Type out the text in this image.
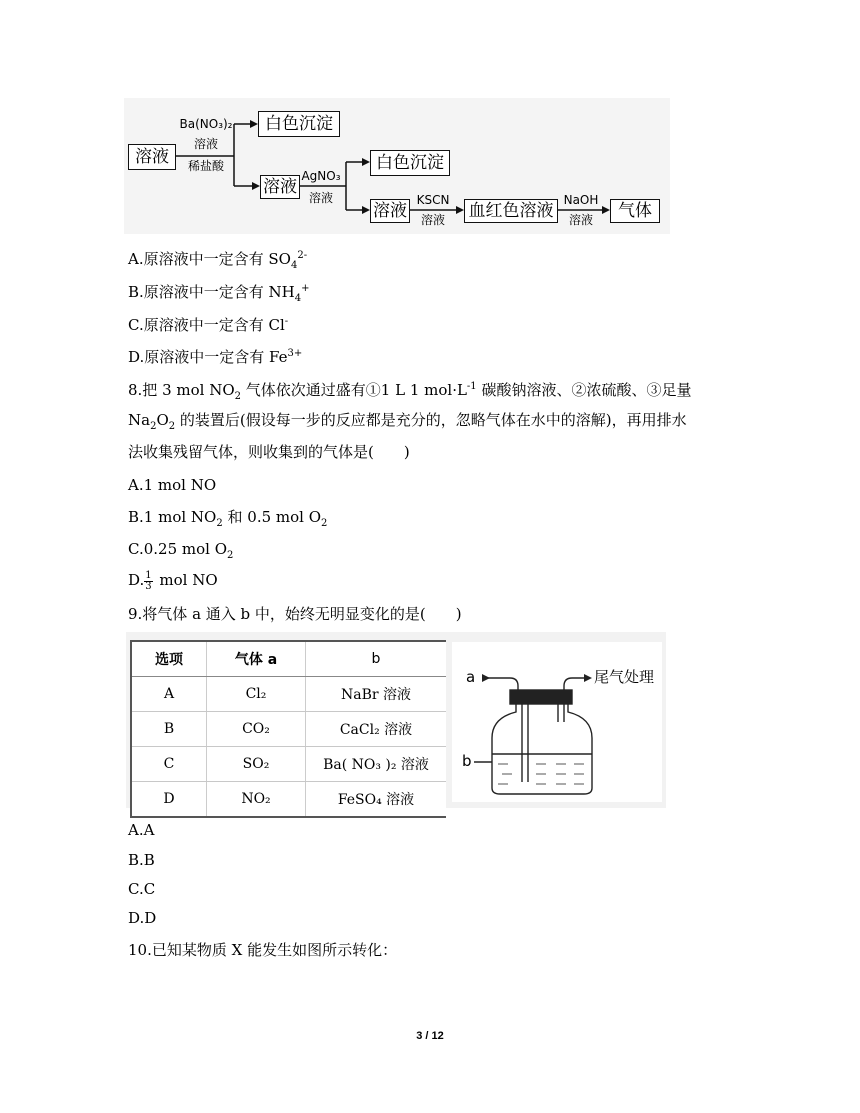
溶液
Ba(NO₃)₂
溶液
稀盐酸
白色沉淀
溶液
AgNO₃
溶液
白色沉淀
溶液
KSCN
溶液	血红色溶液
NaOH
溶液	气体
A.原溶液中一定含有 $SO_4^{2-}$
B.原溶液中一定含有 $NH_4^+$
C.原溶液中一定含有 Cl-
D.原溶液中一定含有 $Fe^{3+}$
8.把 3 mol $NO_2$ 气体依次通过盛有①1 L 1 $mol\cdot L^{-1}$ 碳酸钠溶液、②浓硫酸、③足量
$Na_2O_2$ 的装置后(假设每一步的反应都是充分的，忽略气体在水中的溶解)，再用排水
法收集残留气体，则收集到的气体是(　　)
A.1 mol NO
B.1 mol $NO_2$ 和 0.5 mol $O_2$
C.0.25 mol $O_2$
D. $\frac{1}{3}$ mol NO
9.将气体 a 通入 b 中，始终无明显变化的是(　　)
选项	气体 a	b
A	Cl₂	NaBr 溶液
B	CO₂	CaCl₂ 溶液
C	SO₂	Ba( NO₃ )₂ 溶液
D	NO₂	FeSO₄ 溶液
a	尾气处理
b
A.A
B.B
C.C
D.D
10.已知某物质 X 能发生如图所示转化：
3 / 12
